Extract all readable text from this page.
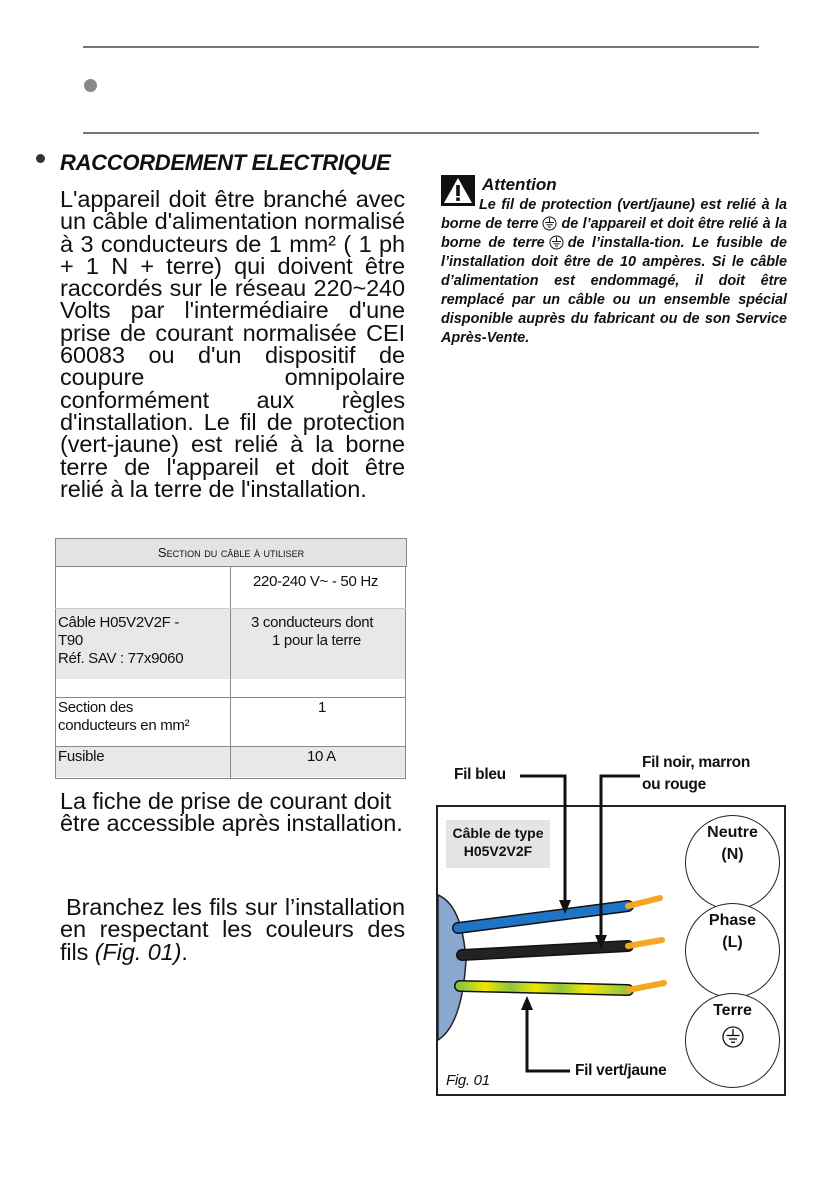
RACCORDEMENT ELECTRIQUE

L'appareil doit être branché avec un câble d'alimentation normalisé à 3 conducteurs de 1 mm² ( 1 ph + 1 N + terre) qui doivent être raccordés sur le réseau 220~240 Volts par l'intermédiaire d'une prise de courant normalisée CEI 60083 ou d'un dispositif de coupure omnipolaire conformément aux règles d'installation. Le fil de protection (vert-jaune) est relié à la borne terre de l'appareil et doit être relié à la terre de l'installation.

Section du câble à utiliser
220-240 V~ - 50 Hz
Câble H05V2V2F -
T90
Réf. SAV : 77x9060
3 conducteurs dont
1 pour la terre
Section des
conducteurs en mm²
1
Fusible	10 A

La fiche de prise de courant doit être accessible après installation.

Branchez les fils sur l’installation en respectant les couleurs des fils (Fig. 01).

Attention

Le fil de protection (vert/jaune) est relié à la borne de terre de l’appareil et doit être relié à la borne de terre de l’installa-tion. Le fusible de l’installation doit être de 10 ampères. Si le câble d’alimentation est endommagé, il doit être remplacé par un câble ou un ensemble spécial disponible auprès du fabricant ou de son Service Après-Vente.

Câble de type
H05V2V2F
Fil bleu
Fil noir, marron
ou rouge
Fil vert/jaune
Fig. 01
Neutre
(N)
Phase
(L)
Terre
